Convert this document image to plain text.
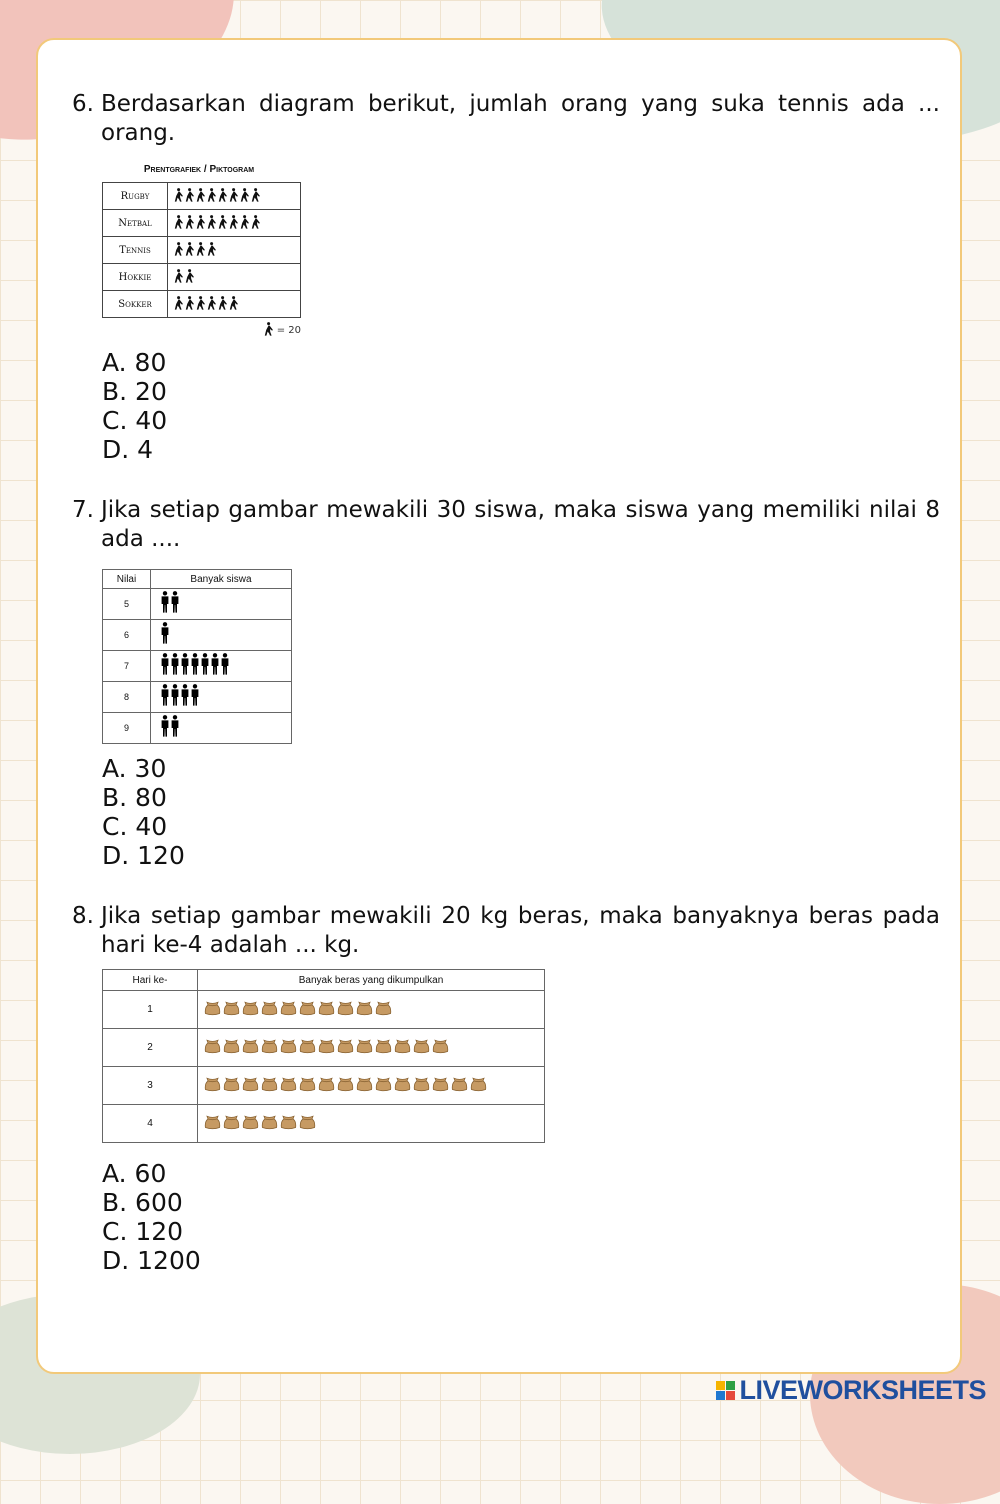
6. Berdasarkan diagram berikut, jumlah orang yang suka tennis ada ... orang.
Prentgrafiek / Piktogram
Rugby	

Netbal	

Tennis	

Hokkie	

Sokker	
= 20
A. 80
B. 20
C. 40
D. 4
7. Jika setiap gambar mewakili 30 siswa, maka siswa yang memiliki nilai 8 ada ....
Nilai	Banyak siswa
5	

6	

7	

8	

9	
A. 30
B. 80
C. 40
D. 120
8. Jika setiap gambar mewakili 20 kg beras, maka banyaknya beras pada hari ke-4 adalah ... kg.
Hari ke-	Banyak beras yang dikumpulkan
1	

2	

3	

4	
A. 60
B. 600
C. 120
D. 1200
LIVEWORKSHEETS
